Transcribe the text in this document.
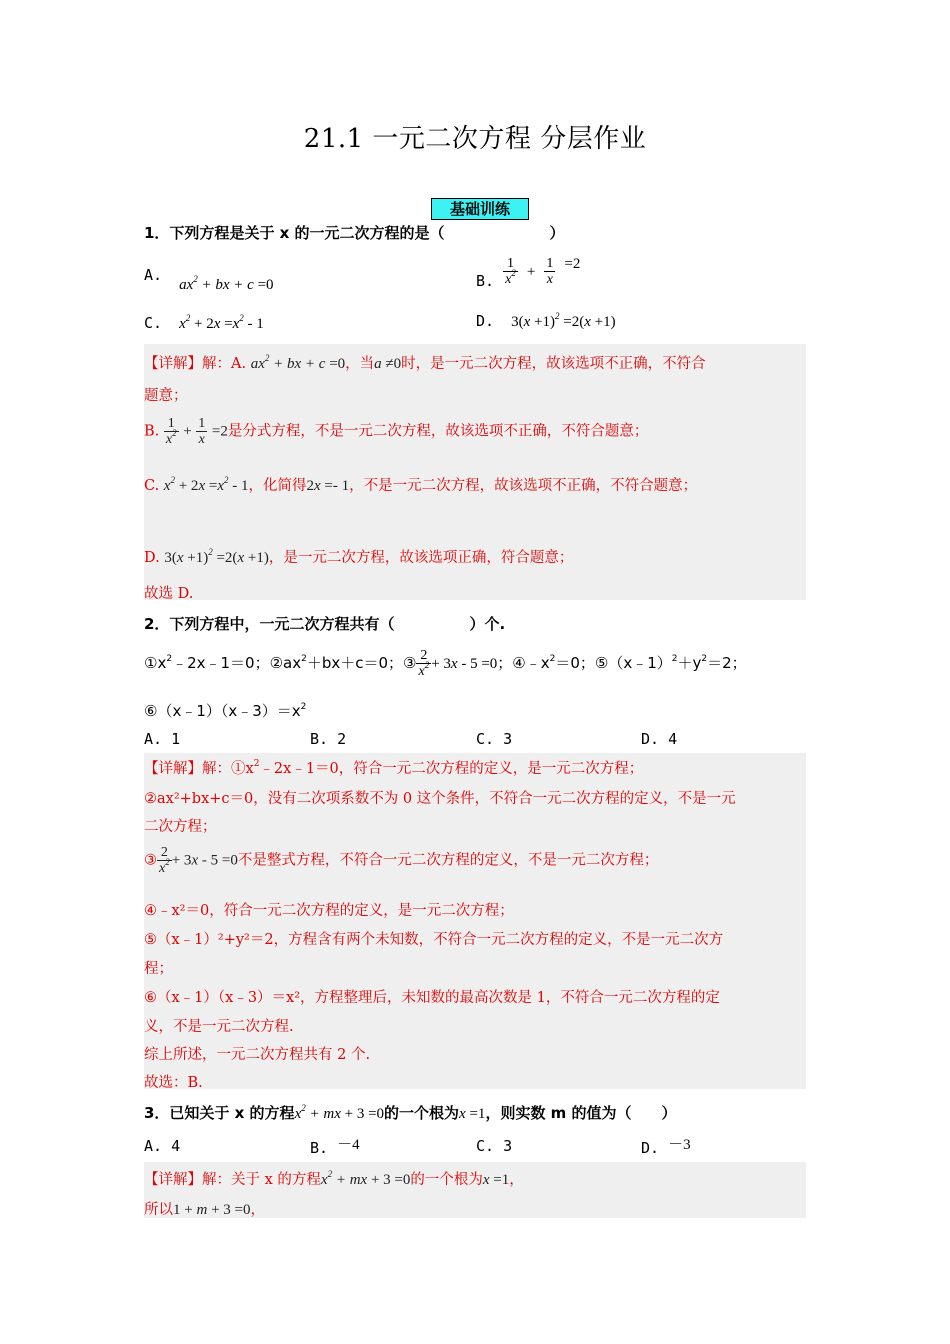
21.1 一元二次方程 分层作业
基础训练
1．下列方程是关于 x 的一元二次方程的是（　　　　　　　）
A. $ax^2$ + bx + c =0	B. $\frac{1}{x^2} + \frac{1}{x} =2$
C. $x^2 + 2x =x^2 - 1$	D. $3(x +1)^2 =2(x +1)$
【详解】解：A. $ax^2$ + bx + c =0，当a ≠0时，是一元二次方程，故该选项不正确，不符合
题意；
B. $\frac{1}{x^2} + \frac{1}{x} =2$是分式方程，不是一元二次方程，故该选项不正确，不符合题意；
C. $x^2 + 2x =x^2 - 1$，化简得2x =- 1，不是一元二次方程，故该选项不正确，不符合题意；
D. $3(x +1)^2 =2(x +1)$，是一元二次方程，故该选项正确，符合题意；
故选 D.
2．下列方程中，一元二次方程共有（　　　　　）个.
$①x^2﹣2x﹣1=0$；$②ax^2+bx+c=0$；③ $\frac{2}{x^2} + 3x - 5 =0$；$④﹣x^2=0$；$⑤(x﹣1)^2+y^2=2$；
$⑥(x﹣1)(x﹣3)=x^2$
A. 1	B. 2	C. 3	D. 4
【详解】解：$①x^2﹣2x﹣1=0$，符合一元二次方程的定义，是一元二次方程；
②ax²+bx+c＝0，没有二次项系数不为 0 这个条件，不符合一元二次方程的定义，不是一元
二次方程；
③ $\frac{2}{x^2} + 3x - 5 =0$不是整式方程，不符合一元二次方程的定义，不是一元二次方程；
④﹣x²＝0，符合一元二次方程的定义，是一元二次方程；
⑤（x﹣1）²+y²＝2，方程含有两个未知数，不符合一元二次方程的定义，不是一元二次方
程；
⑥（x﹣1）（x﹣3）＝x²，方程整理后，未知数的最高次数是 1，不符合一元二次方程的定
义，不是一元二次方程.
综上所述，一元二次方程共有 2 个.
故选：B.
3．已知关于 x 的方程$x^2$ + mx + 3 =0的一个根为x =1，则实数 m 的值为（　　）
A. 4	B. －4	C. 3	D. －3
【详解】解：关于 x 的方程$x^2$ + mx + 3 =0的一个根为x =1，
所以1 + m + 3 =0，
